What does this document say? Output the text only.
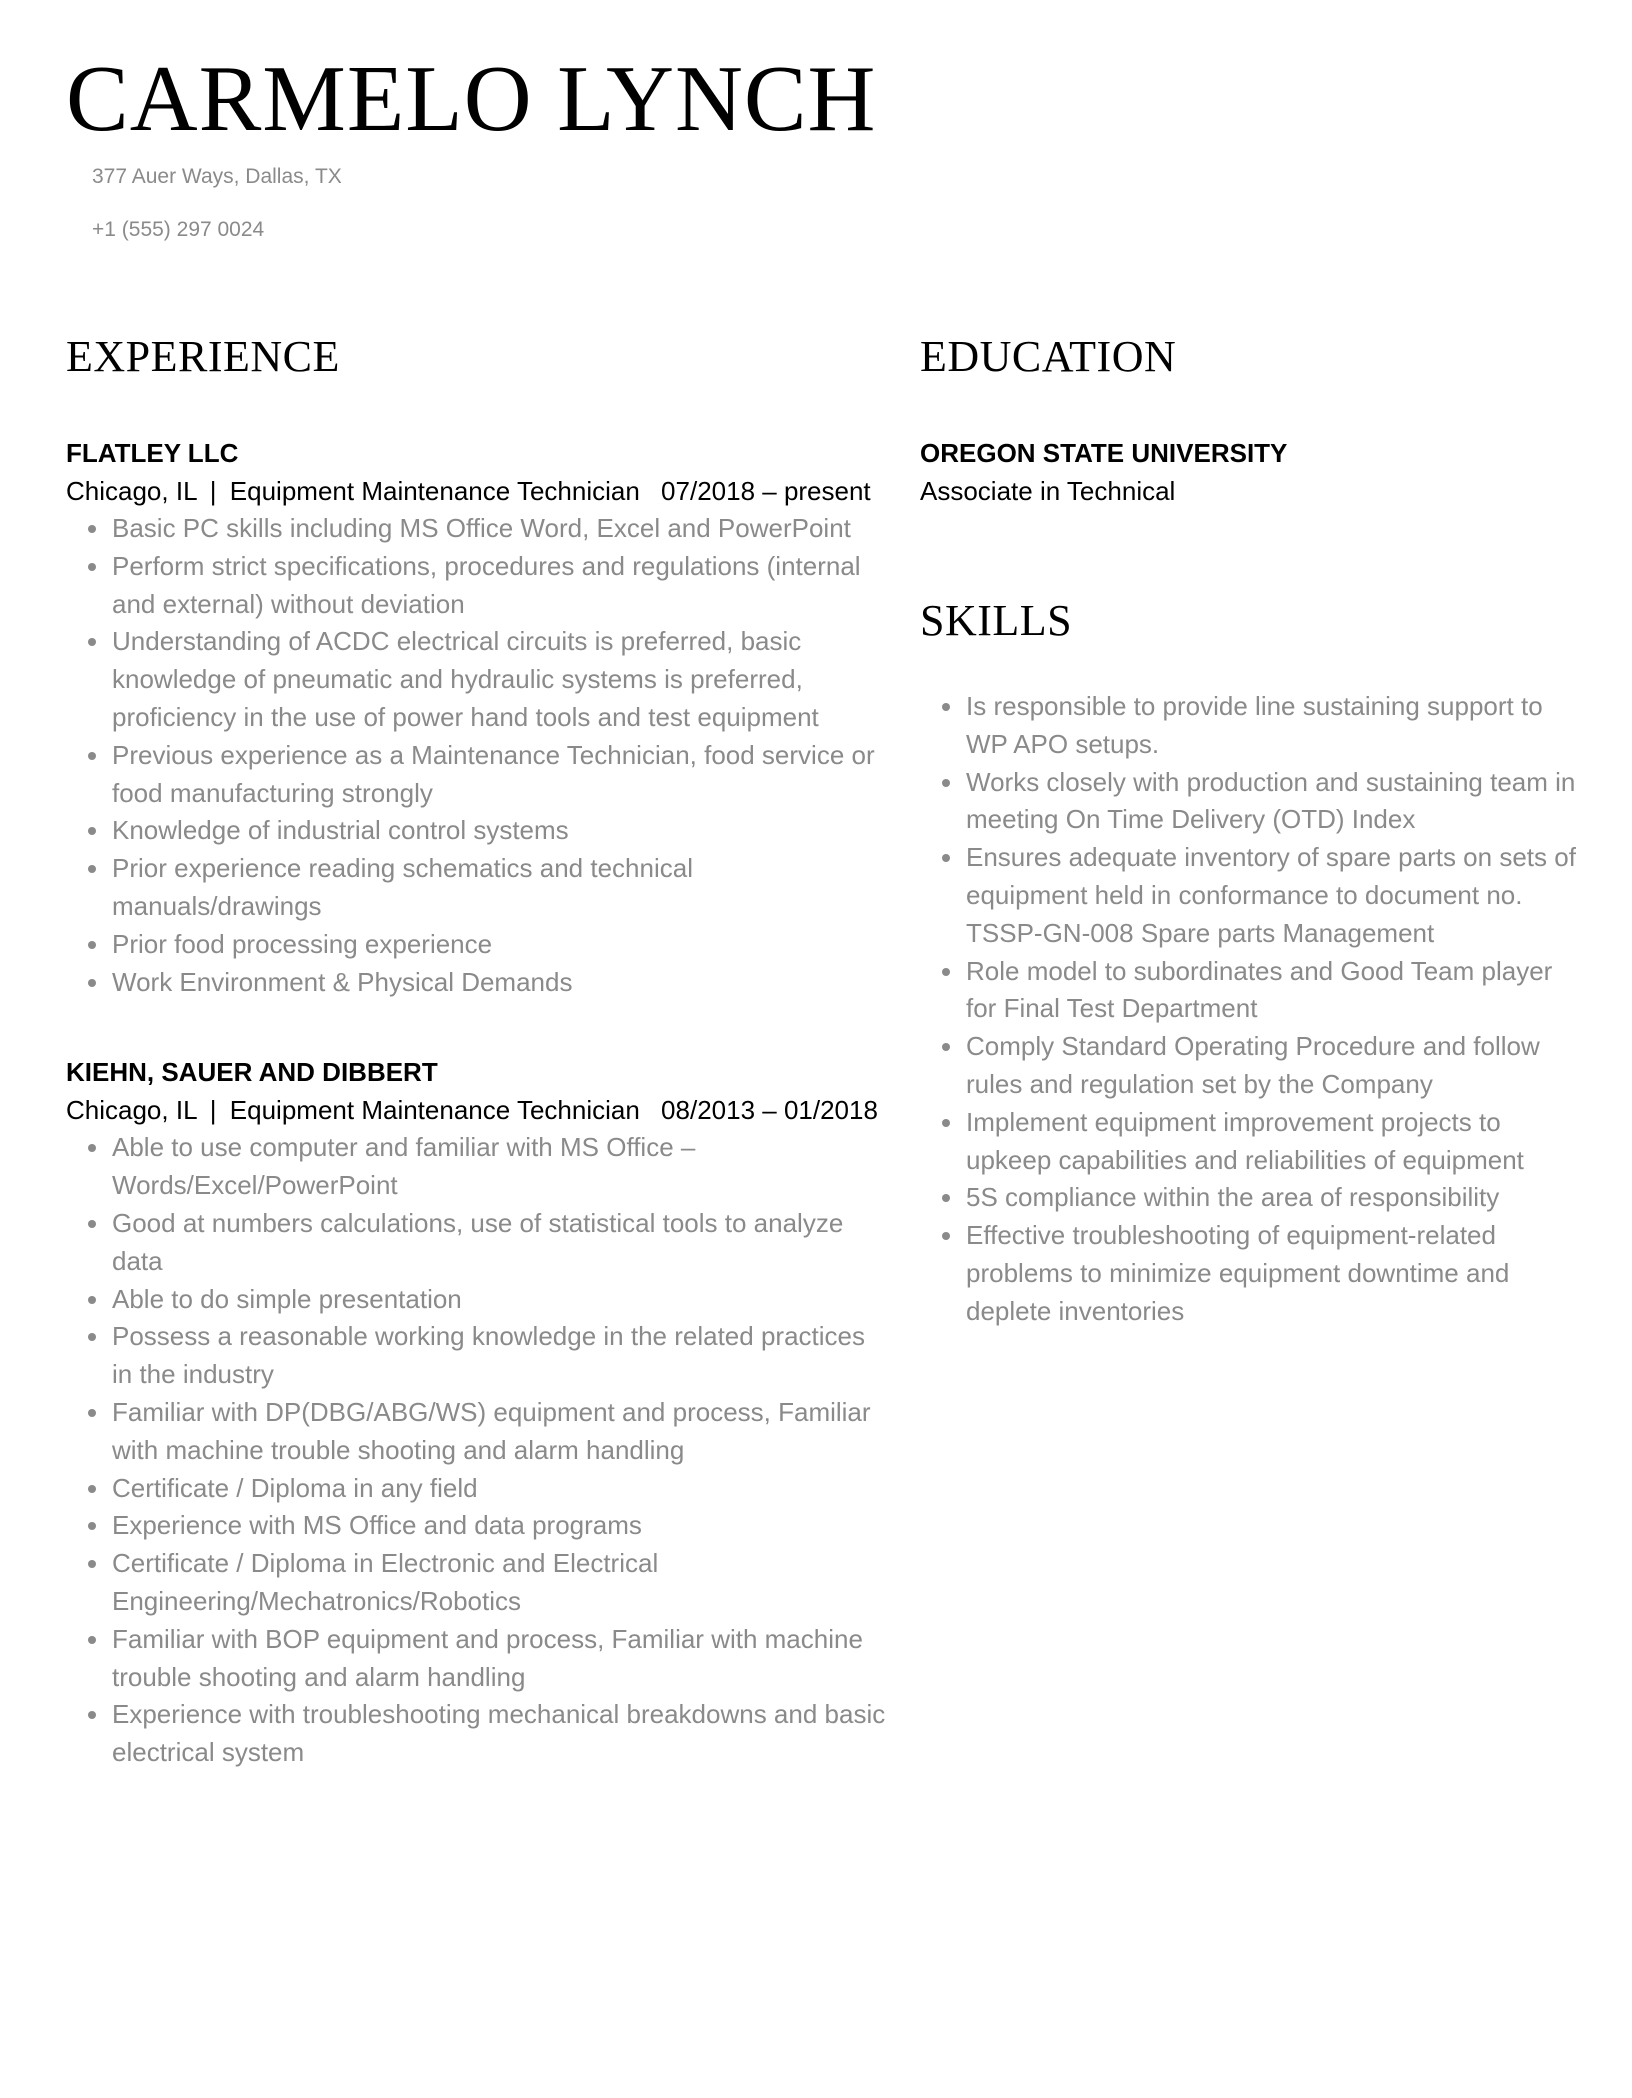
CARMELO LYNCH
377 Auer Ways, Dallas, TX
+1 (555) 297 0024
EXPERIENCE
FLATLEY LLC
Chicago, IL | Equipment Maintenance Technician 07/2018 – present
Basic PC skills including MS Office Word, Excel and PowerPoint
Perform strict specifications, procedures and regulations (internal and external) without deviation
Understanding of ACDC electrical circuits is preferred, basic knowledge of pneumatic and hydraulic systems is preferred, proficiency in the use of power hand tools and test equipment
Previous experience as a Maintenance Technician, food service or food manufacturing strongly
Knowledge of industrial control systems
Prior experience reading schematics and technical manuals/drawings
Prior food processing experience
Work Environment & Physical Demands
KIEHN, SAUER AND DIBBERT
Chicago, IL | Equipment Maintenance Technician 08/2013 – 01/2018
Able to use computer and familiar with MS Office – Words/Excel/PowerPoint
Good at numbers calculations, use of statistical tools to analyze data
Able to do simple presentation
Possess a reasonable working knowledge in the related practices in the industry
Familiar with DP(DBG/ABG/WS) equipment and process, Familiar with machine trouble shooting and alarm handling
Certificate / Diploma in any field
Experience with MS Office and data programs
Certificate / Diploma in Electronic and Electrical Engineering/Mechatronics/Robotics
Familiar with BOP equipment and process, Familiar with machine trouble shooting and alarm handling
Experience with troubleshooting mechanical breakdowns and basic electrical system
EDUCATION
OREGON STATE UNIVERSITY
Associate in Technical
SKILLS
Is responsible to provide line sustaining support to WP APO setups.
Works closely with production and sustaining team in meeting On Time Delivery (OTD) Index
Ensures adequate inventory of spare parts on sets of equipment held in conformance to document no. TSSP-GN-008 Spare parts Management
Role model to subordinates and Good Team player for Final Test Department
Comply Standard Operating Procedure and follow rules and regulation set by the Company
Implement equipment improvement projects to upkeep capabilities and reliabilities of equipment
5S compliance within the area of responsibility
Effective troubleshooting of equipment-related problems to minimize equipment downtime and deplete inventories
